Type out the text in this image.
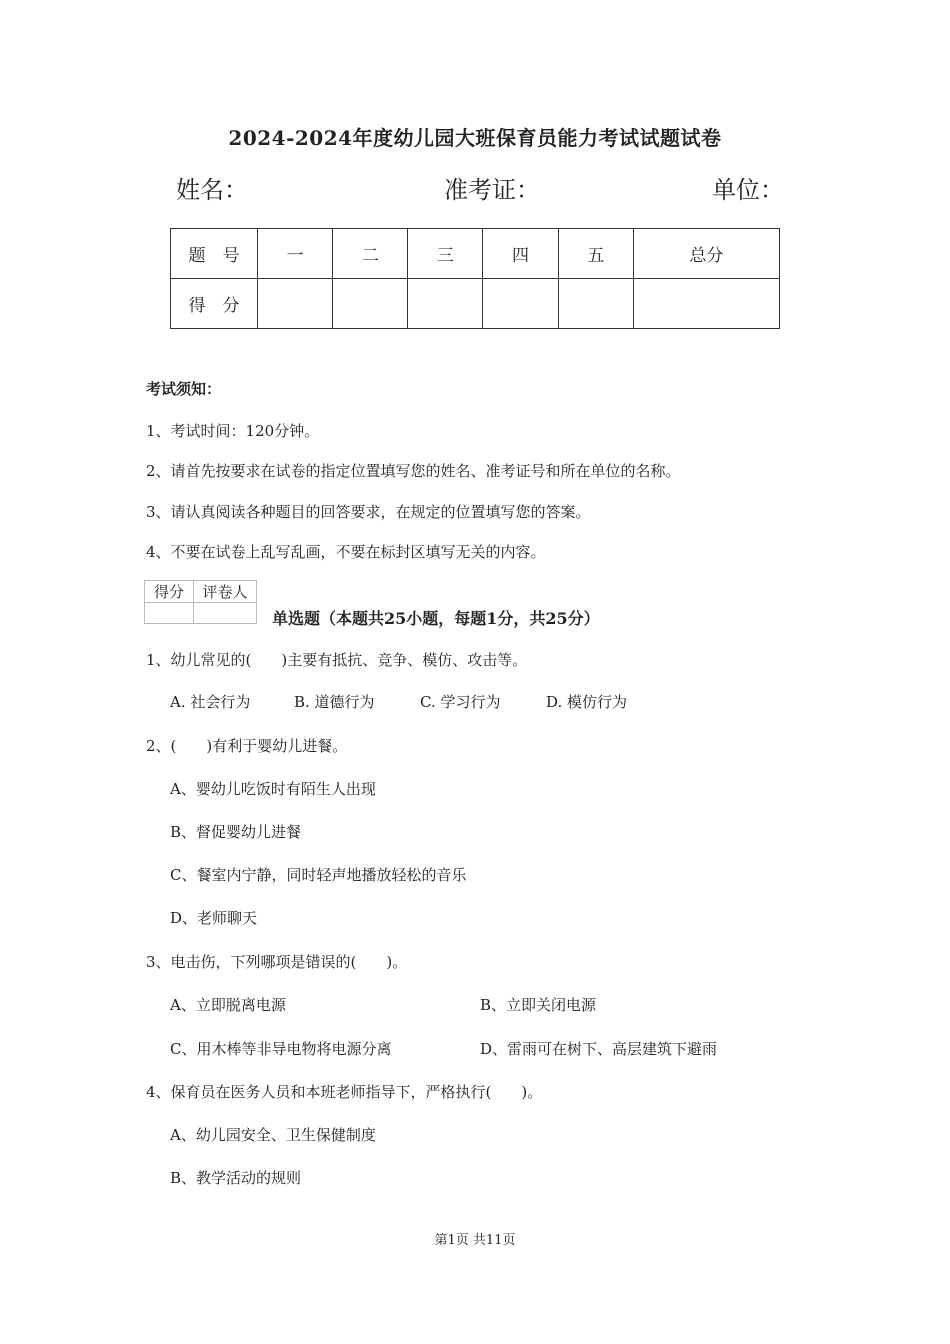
2024-2024年度幼儿园大班保育员能力考试试题试卷
姓名：	准考证：	单位：
题　号	一	二	三	四	五	总分
得　分						
考试须知：
1、考试时间：120分钟。
2、请首先按要求在试卷的指定位置填写您的姓名、准考证号和所在单位的名称。
3、请认真阅读各种题目的回答要求，在规定的位置填写您的答案。
4、不要在试卷上乱写乱画，不要在标封区填写无关的内容。
得分	评卷人

单选题（本题共25小题，每题1分，共25分）
1、幼儿常见的(　　)主要有抵抗、竞争、模仿、攻击等。
A. 社会行为	B. 道德行为	C. 学习行为	D. 模仿行为
2、(　　)有利于婴幼儿进餐。
A、婴幼儿吃饭时有陌生人出现
B、督促婴幼儿进餐
C、餐室内宁静，同时轻声地播放轻松的音乐
D、老师聊天
3、电击伤，下列哪项是错误的(　　)。
A、立即脱离电源	B、立即关闭电源
C、用木棒等非导电物将电源分离	D、雷雨可在树下、高层建筑下避雨
4、保育员在医务人员和本班老师指导下，严格执行(　　)。
A、幼儿园安全、卫生保健制度
B、教学活动的规则
第1页 共11页
